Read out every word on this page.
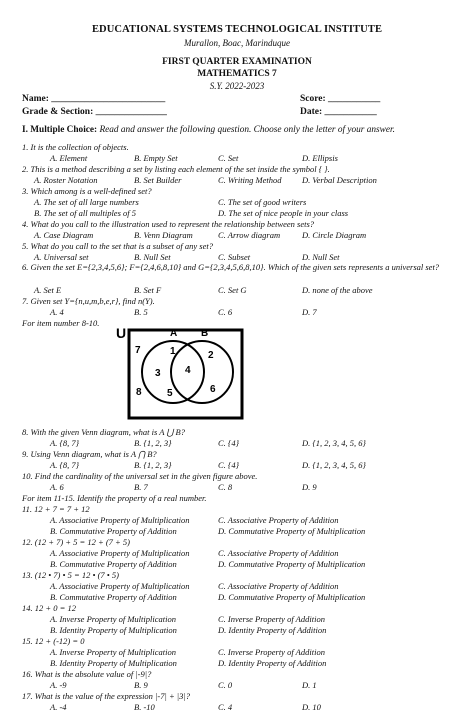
EDUCATIONAL SYSTEMS TECHNOLOGICAL INSTITUTE
Murallon, Boac, Marinduque
FIRST QUARTER EXAMINATION
MATHEMATICS 7
S.Y. 2022-2023
Name: ________________________	Score: ___________
Grade & Section: _______________	Date: ___________
I. Multiple Choice: Read and answer the following question. Choose only the letter of your answer.
1. It is the collection of objects.
A. Element	B. Empty Set	C. Set	D. Ellipsis
2. This is a method describing a set by listing each element of the set inside the symbol { }.
A. Roster Notation	B. Set Builder	C. Writing Method D. Verbal Description
3. Which among is a well-defined set?
A. The set of all large numbers	C. The set of good writers
B. The set of all multiples of 5	D. The set of nice people in your class
4. What do you call to the illustration used to represent the relationship between sets?
A. Case Diagram	B. Venn Diagram	C. Arrow diagram	D. Circle Diagram
5. What do you call to the set that is a subset of any set?
A. Universal set	B. Null Set	C. Subset	D. Null Set
6. Given the set E={2,3,4,5,6}; F={2,4,6,8,10} and G={2,3,4,5,6,8,10}. Which of the given sets represents a universal set?
A. Set E	B. Set F	C. Set G	D. none of the above
7. Given set Y={n,u,m,b,e,r}, find n(Y).
A. 4	B. 5	C. 6	D. 7
For item number 8-10.
U	A B
7
8
1
3
5
4
2
6
8. With the given Venn diagram, what is A ⋃ B?
A. {8, 7}	B. {1, 2, 3}	C. {4}	D. {1, 2, 3, 4, 5, 6}
9. Using Venn diagram, what is A ⋂ B?
A. {8, 7}	B. {1, 2, 3}	C. {4}	D. {1, 2, 3, 4, 5, 6}
10. Find the cardinality of the universal set in the given figure above.
A. 6	B. 7	C. 8	D. 9
For item 11-15. Identify the property of a real number.
11. 12 + 7 = 7 + 12
A. Associative Property of Multiplication	C. Associative Property of Addition
B. Commutative Property of Addition	D. Commutative Property of Multiplication
12. (12 + 7) + 5 = 12 + (7 + 5)
A. Associative Property of Multiplication	C. Associative Property of Addition
B. Commutative Property of Addition	D. Commutative Property of Multiplication
13. (12 • 7) • 5 = 12 • (7 • 5)
A. Associative Property of Multiplication	C. Associative Property of Addition
B. Commutative Property of Addition	D. Commutative Property of Multiplication
14. 12 + 0 = 12
A. Inverse Property of Multiplication	C. Inverse Property of Addition
B. Identity Property of Multiplication	D. Identity Property of Addition
15. 12 + (-12) = 0
A. Inverse Property of Multiplication	C. Inverse Property of Addition
B. Identity Property of Multiplication	D. Identity Property of Addition
16. What is the absolute value of |-9|?
A. -9	B. 9	C. 0	D. 1
17. What is the value of the expression |-7| + |3|?
A. -4	B. -10	C. 4	D. 10
